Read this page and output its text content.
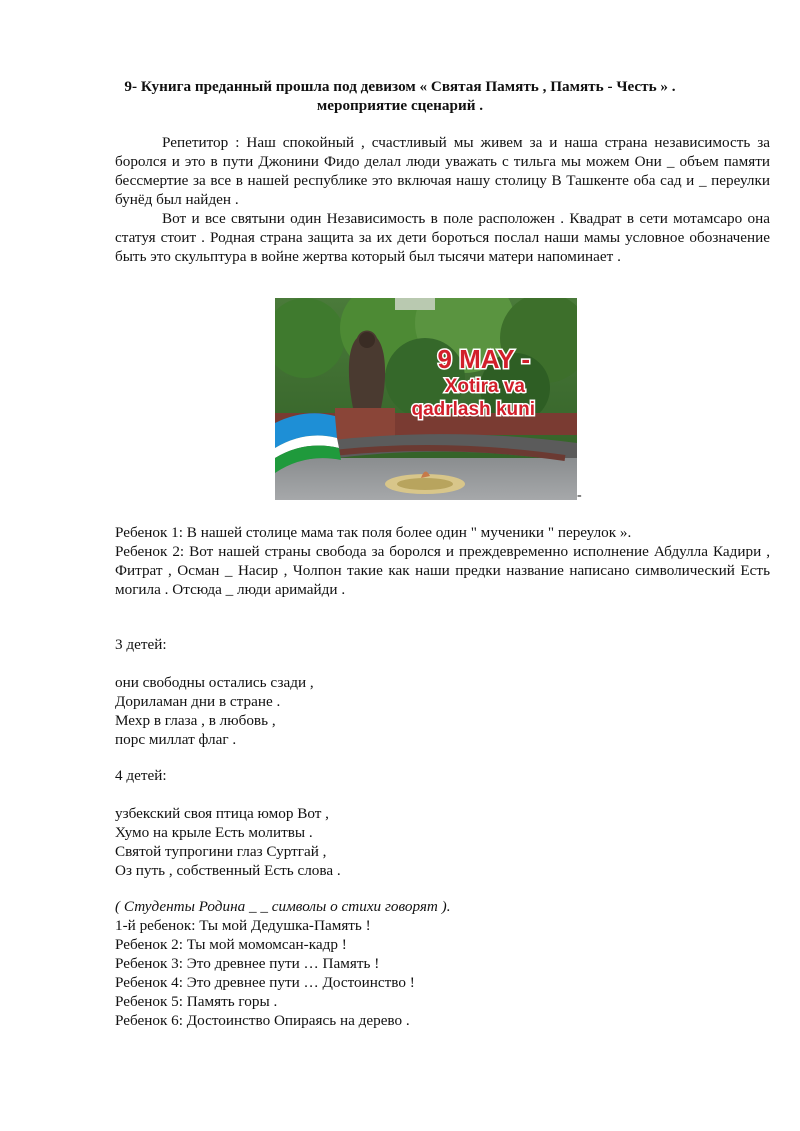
9- Кунига преданный прошла под девизом « Святая Память , Память - Честь » .
мероприятие сценарий .
Репетитор : Наш спокойный , счастливый мы живем за и наша страна независимость за боролся и это в пути Джонини Фидо делал люди уважать с тильга мы можем Они _ объем памяти бессмертие за все в нашей республике это включая нашу столицу В Ташкенте оба сад и _ переулки бунёд был найден .
Вот и все святыни один Независимость в поле расположен . Квадрат в сети мотамсаро она статуя стоит . Родная страна защита за их дети бороться послал наши мамы условное обозначение быть это скульптура в войне жертва который был тысячи матери напоминает .
9 MAY -
Xotira va
qadrlash kuni
-
Ребенок 1: В нашей столице мама так поля более один " мученики " переулок ».
Ребенок 2: Вот нашей страны свобода за боролся и преждевременно исполнение Абдулла Кадири , Фитрат , Осман _ Насир , Чолпон такие как наши предки название написано символический Есть могила . Отсюда _ люди аримайди .
3 детей:
они свободны остались сзади ,
Дориламан дни в стране .
Мехр в глаза , в любовь ,
порс миллат флаг .
4 детей:
узбекский своя птица юмор Вот ,
Хумо на крыле Есть молитвы .
Святой тупрогини глаз Суртгай ,
Оз путь , собственный Есть слова .
( Студенты Родина _ _ символы о стихи говорят ).
1-й ребенок: Ты мой Дедушка-Память !
Ребенок 2: Ты мой момомсан-кадр !
Ребенок 3: Это древнее пути … Память !
Ребенок 4: Это древнее пути … Достоинство !
Ребенок 5: Память горы .
Ребенок 6: Достоинство Опираясь на дерево .
